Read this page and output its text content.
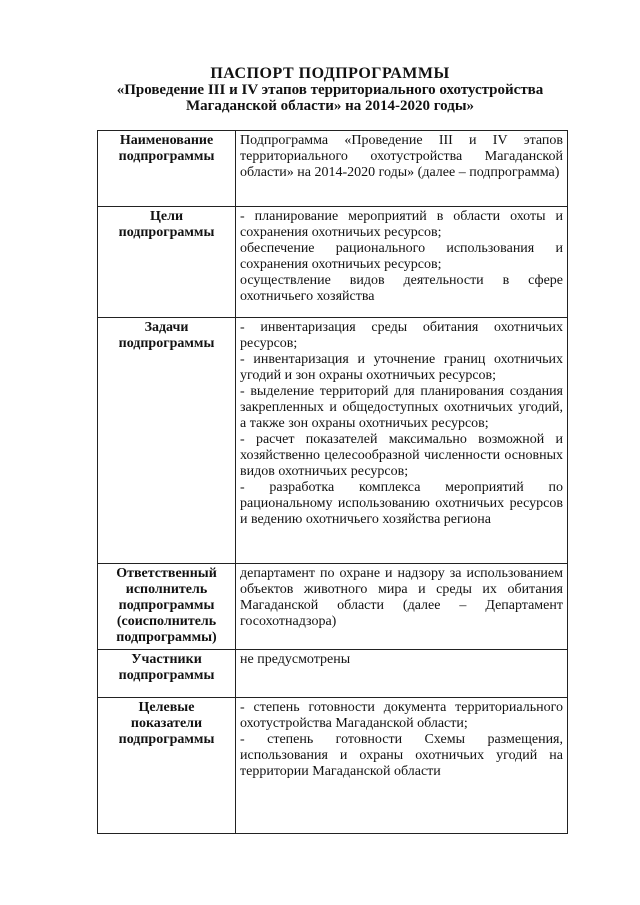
ПАСПОРТ ПОДПРОГРАММЫ
«Проведение III и IV этапов территориального охотустройства
Магаданской области» на 2014-2020 годы»
Наименование
подпрограммы	Подпрограмма «Проведение III и IV этапов территориального охотустройства Магаданской области» на 2014-2020 годы» (далее – подпрограмма)

Цели
подпрограммы	- планирование мероприятий в области охоты и сохранения охотничьих ресурсов;
обеспечение рационального использования и сохранения охотничьих ресурсов;
осуществление видов деятельности в сфере охотничьего хозяйства

Задачи
подпрограммы	- инвентаризация среды обитания охотничьих ресурсов;
- инвентаризация и уточнение границ охотничьих угодий и зон охраны охотничьих ресурсов;
- выделение территорий для планирования создания закрепленных и общедоступных охотничьих угодий, а также зон охраны охотничьих ресурсов;
- расчет показателей максимально возможной и хозяйственно целесообразной численности основных видов охотничьих ресурсов;
- разработка комплекса мероприятий по рациональному использованию охотничьих ресурсов и ведению охотничьего хозяйства региона

Ответственный
исполнитель
подпрограммы
(соисполнитель
подпрограммы)	департамент по охране и надзору за использованием объектов животного мира и среды их обитания Магаданской области (далее – Департамент госохотнадзора)

Участники
подпрограммы	не предусмотрены

Целевые
показатели
подпрограммы	- степень готовности документа территориального охотустройства Магаданской области;
- степень готовности Схемы размещения, использования и охраны охотничьих угодий на территории Магаданской области
